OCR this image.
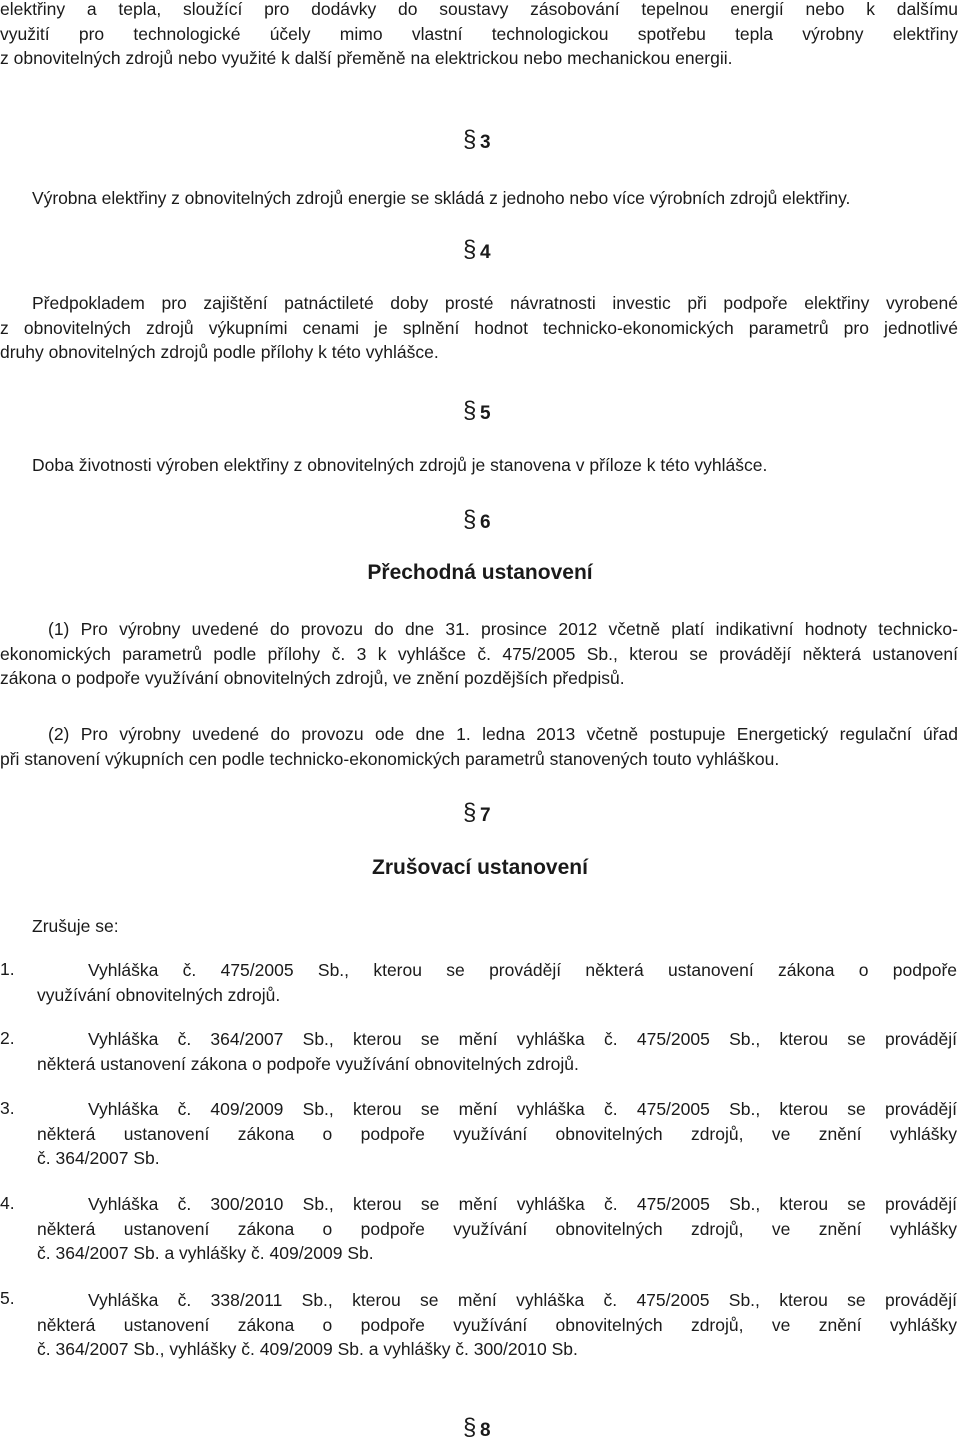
elektřiny a tepla, sloužící pro dodávky do soustavy zásobování tepelnou energií nebo k dalšímu
využití pro technologické účely mimo vlastní technologickou spotřebu tepla výrobny elektřiny
z obnovitelných zdrojů nebo využité k další přeměně na elektrickou nebo mechanickou energii.
§ 3
Výrobna elektřiny z obnovitelných zdrojů energie se skládá z jednoho nebo více výrobních zdrojů elektřiny.
§ 4
Předpokladem pro zajištění patnáctileté doby prosté návratnosti investic při podpoře elektřiny vyrobené
z obnovitelných zdrojů výkupními cenami je splnění hodnot technicko-ekonomických parametrů pro jednotlivé
druhy obnovitelných zdrojů podle přílohy k této vyhlášce.
§ 5
Doba životnosti výroben elektřiny z obnovitelných zdrojů je stanovena v příloze k této vyhlášce.
§ 6
Přechodná ustanovení
(1) Pro výrobny uvedené do provozu do dne 31. prosince 2012 včetně platí indikativní hodnoty technicko-
ekonomických parametrů podle přílohy č. 3 k vyhlášce č. 475/2005 Sb., kterou se provádějí některá ustanovení
zákona o podpoře využívání obnovitelných zdrojů, ve znění pozdějších předpisů.
(2) Pro výrobny uvedené do provozu ode dne 1. ledna 2013 včetně postupuje Energetický regulační úřad
při stanovení výkupních cen podle technicko-ekonomických parametrů stanovených touto vyhláškou.
§ 7
Zrušovací ustanovení
Zrušuje se:
1.	Vyhláška č. 475/2005 Sb., kterou se provádějí některá ustanovení zákona o podpoře
využívání obnovitelných zdrojů.
2.	Vyhláška č. 364/2007 Sb., kterou se mění vyhláška č. 475/2005 Sb., kterou se provádějí
některá ustanovení zákona o podpoře využívání obnovitelných zdrojů.
3.	Vyhláška č. 409/2009 Sb., kterou se mění vyhláška č. 475/2005 Sb., kterou se provádějí
některá ustanovení zákona o podpoře využívání obnovitelných zdrojů, ve znění vyhlášky
č. 364/2007 Sb.
4.	Vyhláška č. 300/2010 Sb., kterou se mění vyhláška č. 475/2005 Sb., kterou se provádějí
některá ustanovení zákona o podpoře využívání obnovitelných zdrojů, ve znění vyhlášky
č. 364/2007 Sb. a vyhlášky č. 409/2009 Sb.
5.	Vyhláška č. 338/2011 Sb., kterou se mění vyhláška č. 475/2005 Sb., kterou se provádějí
některá ustanovení zákona o podpoře využívání obnovitelných zdrojů, ve znění vyhlášky
č. 364/2007 Sb., vyhlášky č. 409/2009 Sb. a vyhlášky č. 300/2010 Sb.
§ 8
